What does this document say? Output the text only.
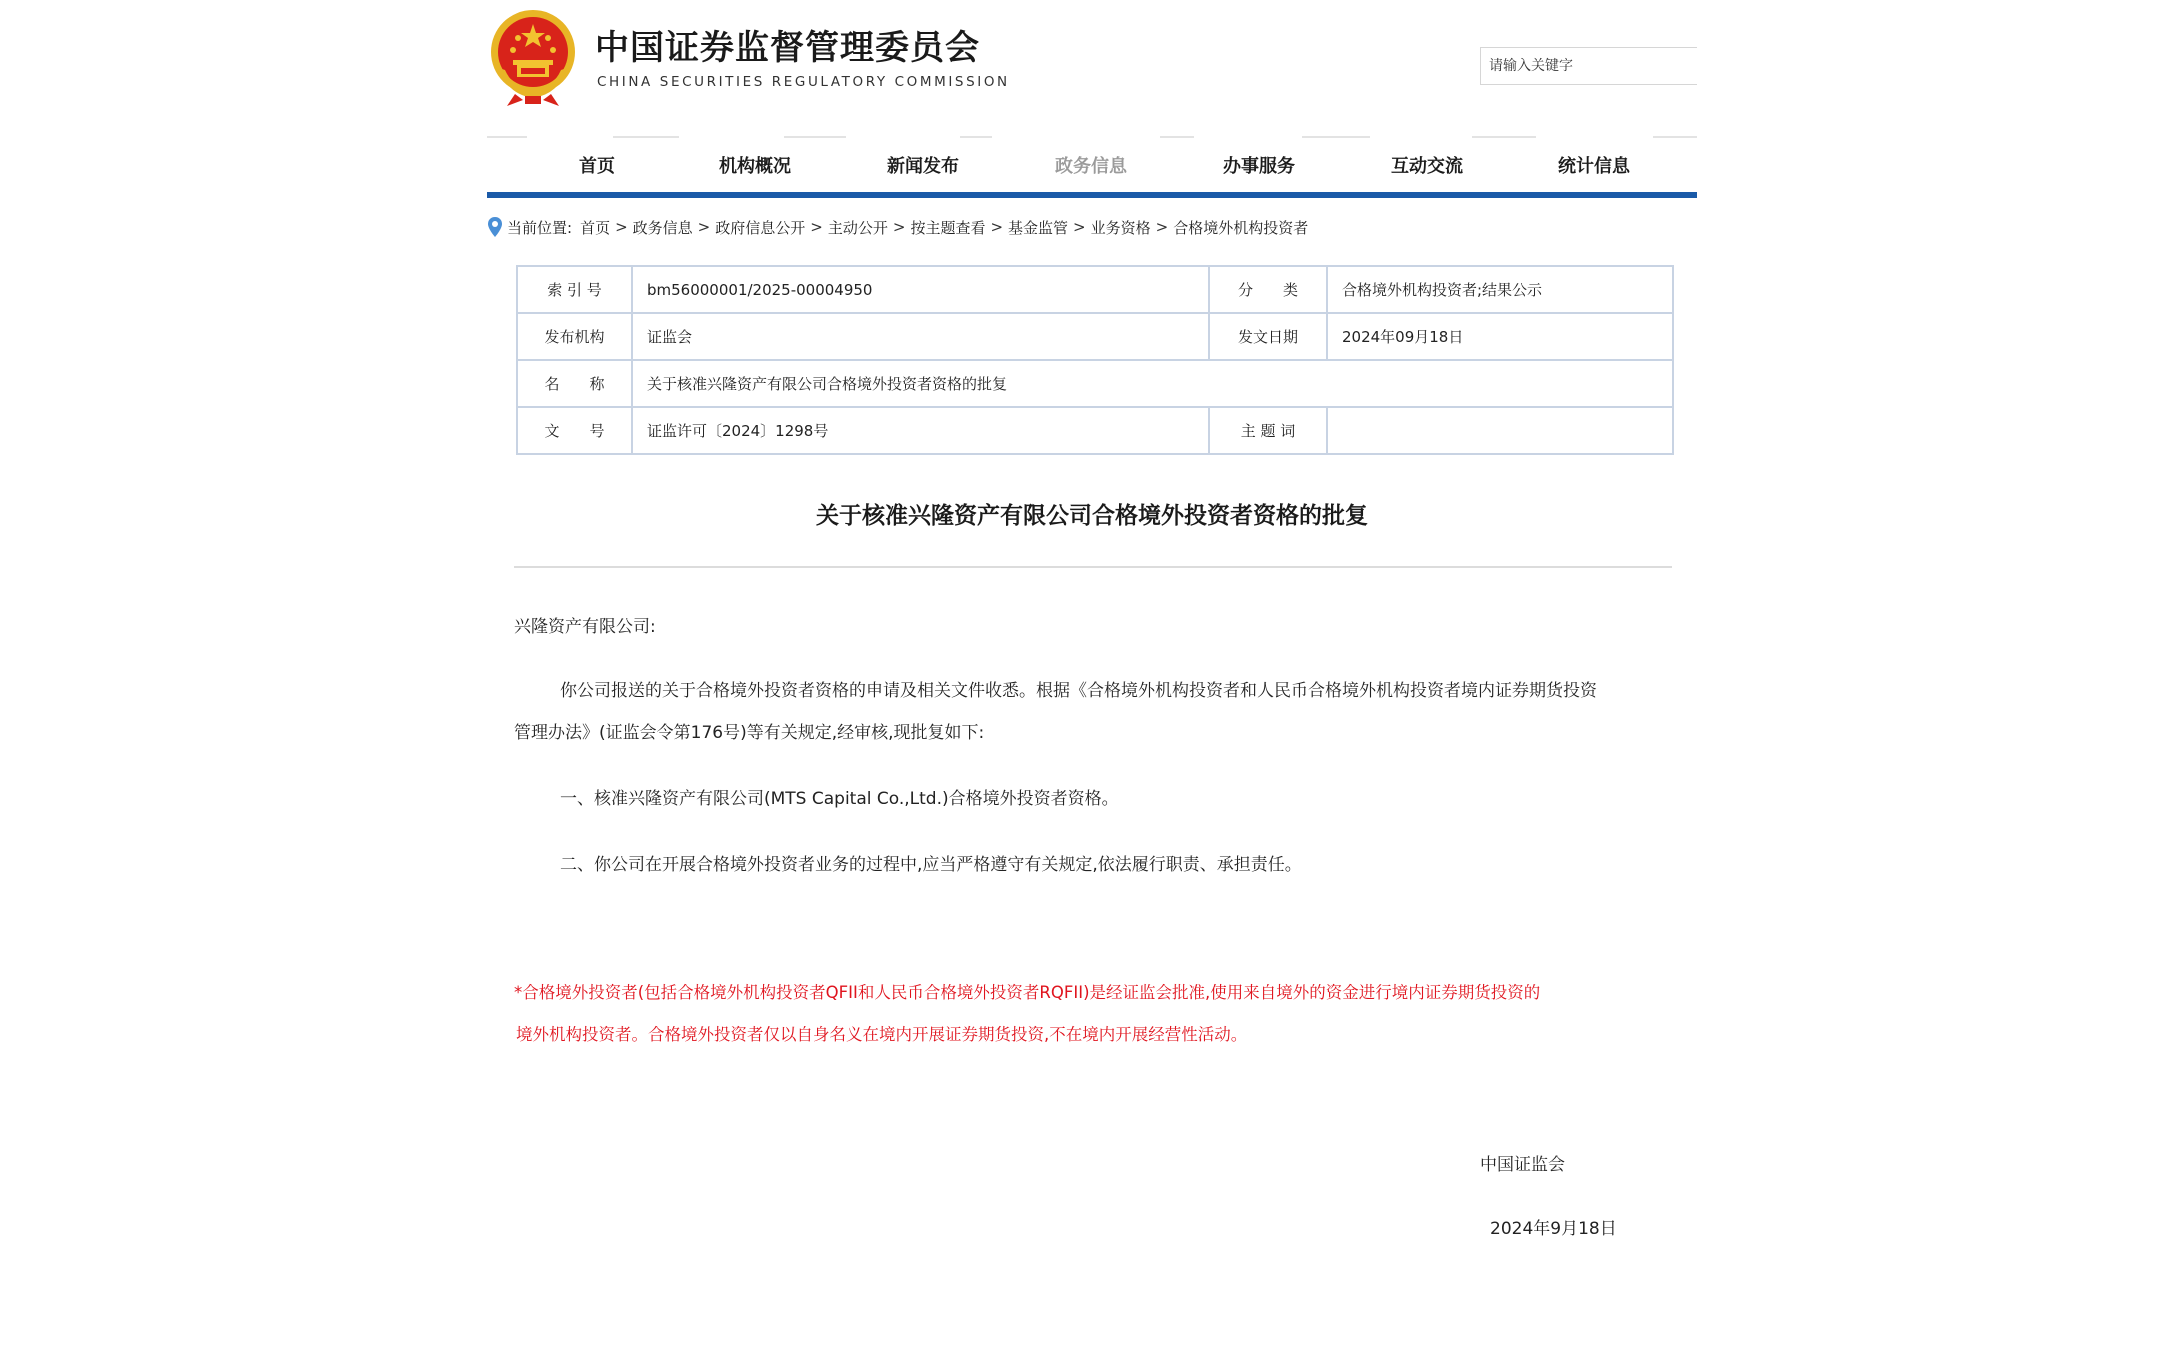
中国证券监督管理委员会
CHINA SECURITIES REGULATORY COMMISSION
请输入关键字
首页	机构概况	新闻发布	政务信息	办事服务	互动交流	统计信息
当前位置: 首页 > 政务信息 > 政府信息公开 > 主动公开 > 按主题查看 > 基金监管 > 业务资格 > 合格境外机构投资者
索 引 号	bm56000001/2025-00004950	分　　类	合格境外机构投资者;结果公示
发布机构	证监会	发文日期	2024年09月18日
名　　称	关于核准兴隆资产有限公司合格境外投资者资格的批复		
文　　号	证监许可〔2024〕1298号	主 题 词	
关于核准兴隆资产有限公司合格境外投资者资格的批复
兴隆资产有限公司:
你公司报送的关于合格境外投资者资格的申请及相关文件收悉。根据《合格境外机构投资者和人民币合格境外机构投资者境内证券期货投资
管理办法》(证监会令第176号)等有关规定,经审核,现批复如下:
一、核准兴隆资产有限公司(MTS Capital Co.,Ltd.)合格境外投资者资格。
二、你公司在开展合格境外投资者业务的过程中,应当严格遵守有关规定,依法履行职责、承担责任。
*合格境外投资者(包括合格境外机构投资者QFII和人民币合格境外投资者RQFII)是经证监会批准,使用来自境外的资金进行境内证券期货投资的
境外机构投资者。合格境外投资者仅以自身名义在境内开展证券期货投资,不在境内开展经营性活动。
中国证监会
2024年9月18日
